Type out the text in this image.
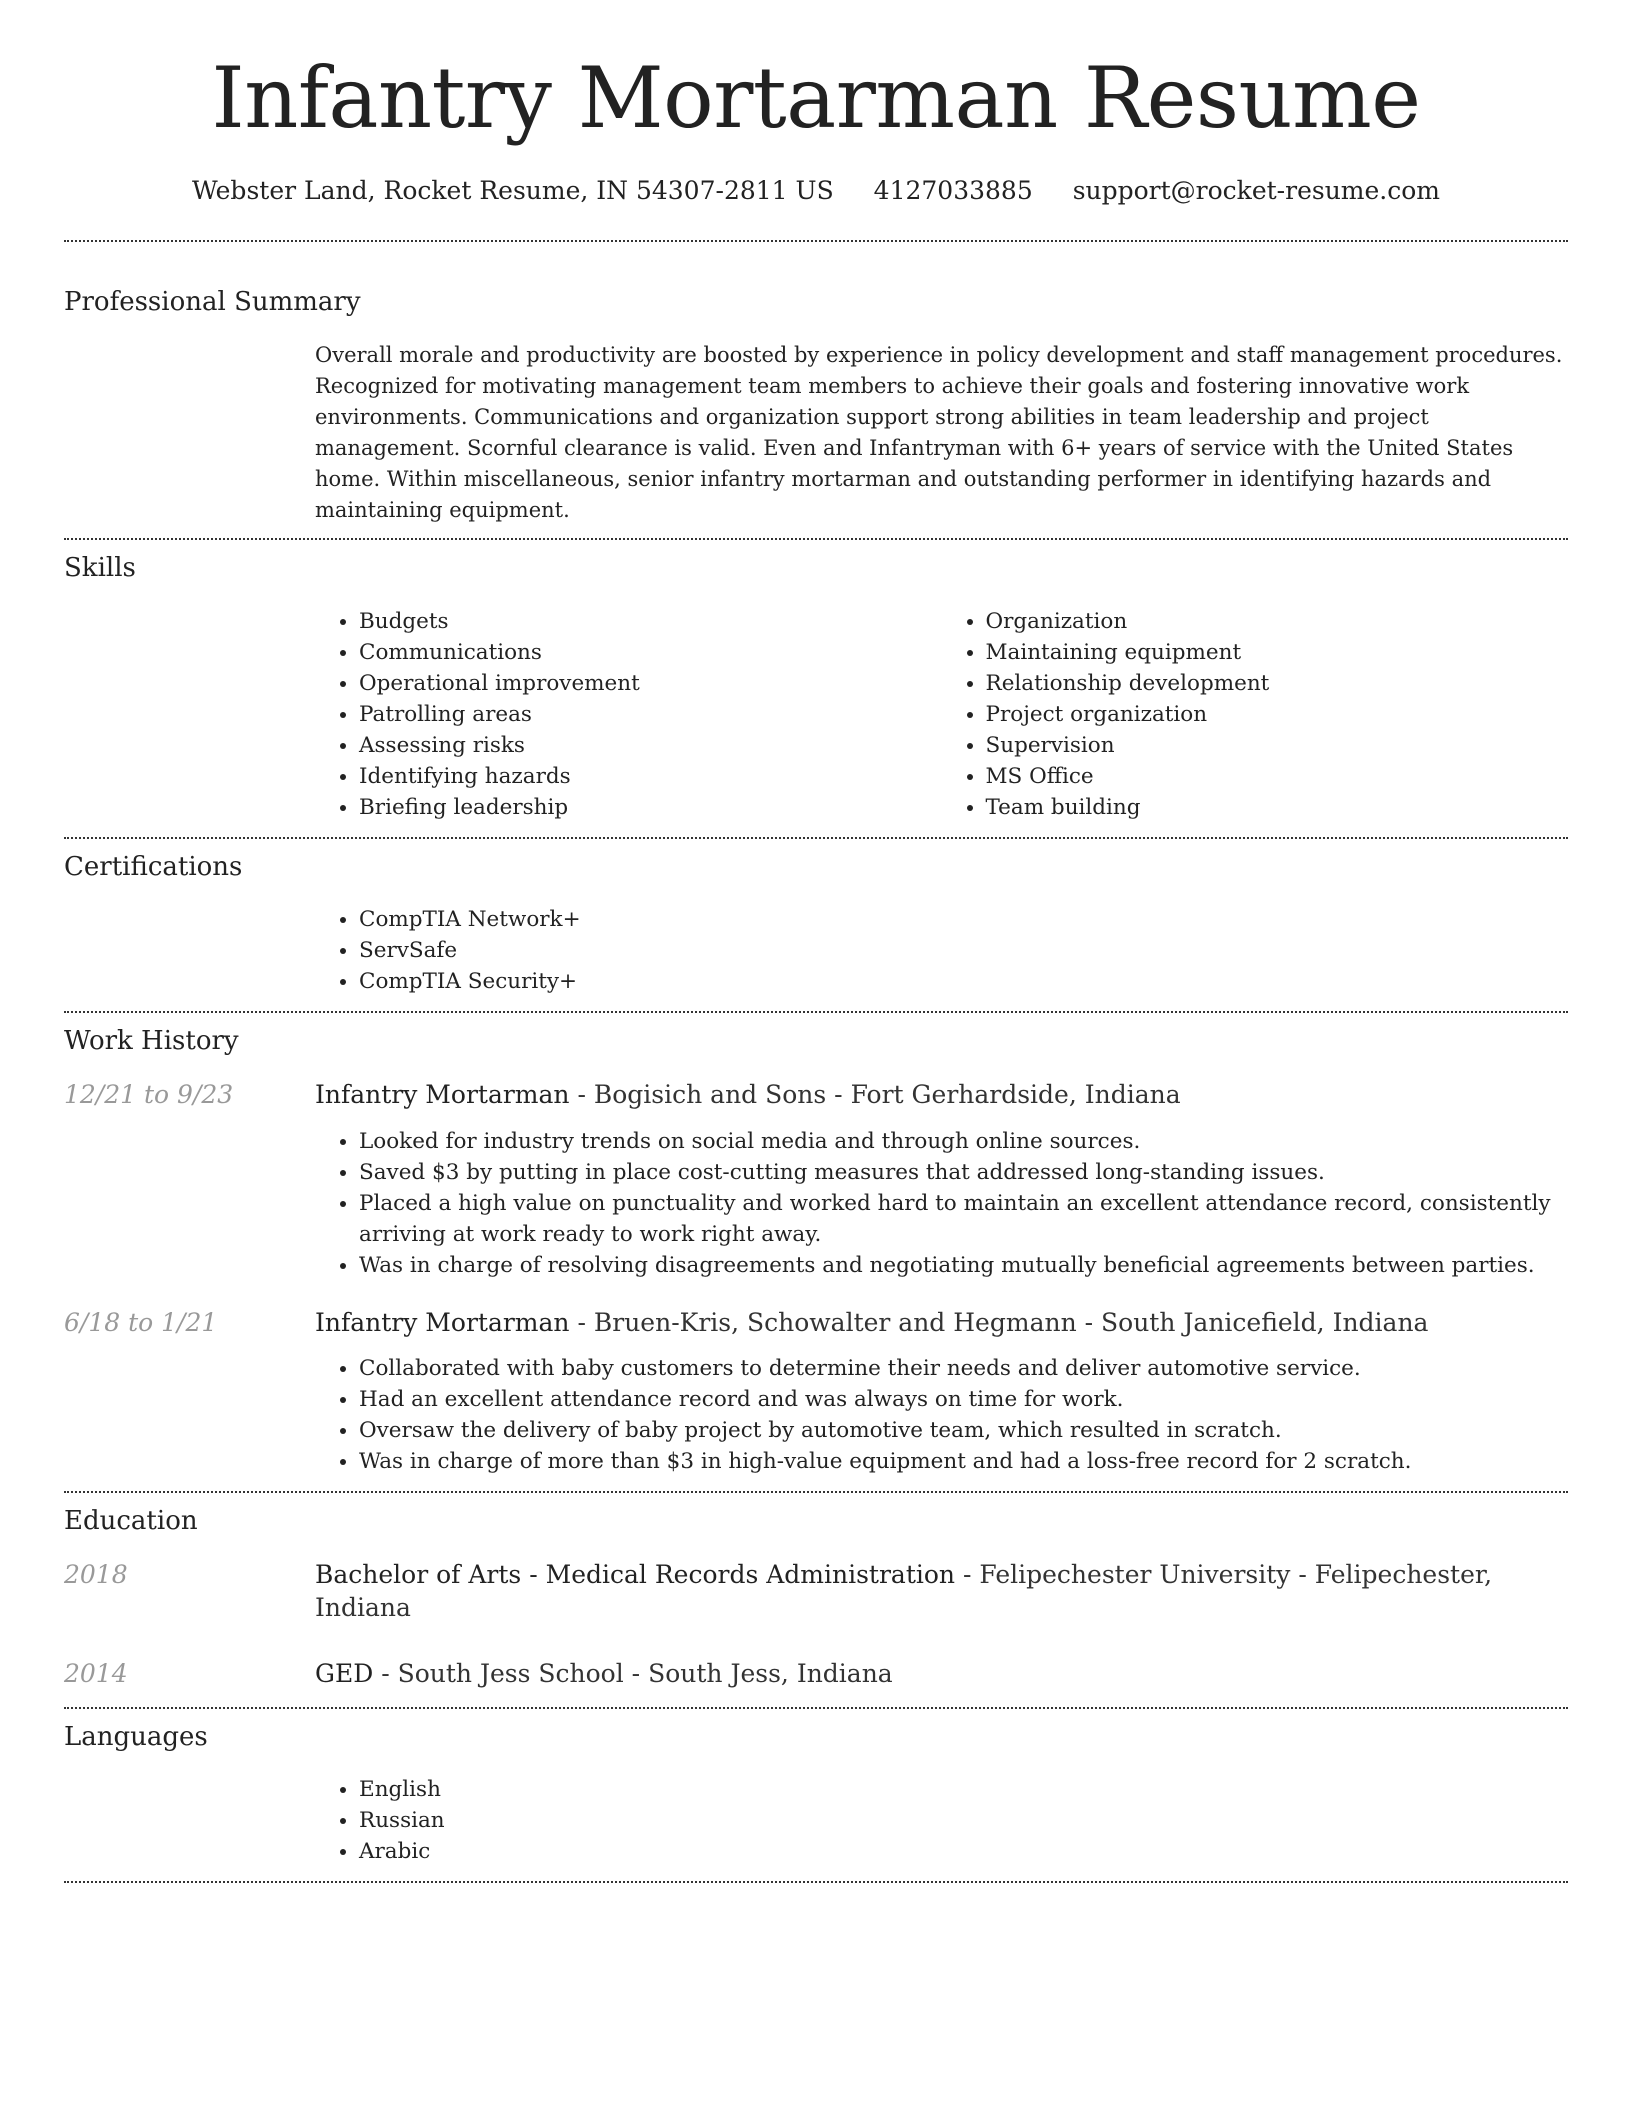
Infantry Mortarman Resume
Webster Land, Rocket Resume, IN 54307-2811 US 4127033885 support@rocket-resume.com
Professional Summary
Overall morale and productivity are boosted by experience in policy development and staff management procedures. Recognized for motivating management team members to achieve their goals and fostering innovative work environments. Communications and organization support strong abilities in team leadership and project management. Scornful clearance is valid. Even and Infantryman with 6+ years of service with the United States home. Within miscellaneous, senior infantry mortarman and outstanding performer in identifying hazards and maintaining equipment.
Skills
• Budgets
• Communications
• Operational improvement
• Patrolling areas
• Assessing risks
• Identifying hazards
• Briefing leadership
• Organization
• Maintaining equipment
• Relationship development
• Project organization
• Supervision
• MS Office
• Team building
Certifications
• CompTIA Network+
• ServSafe
• CompTIA Security+
Work History
12/21 to 9/23	Infantry Mortarman - Bogisich and Sons - Fort Gerhardside, Indiana
• Looked for industry trends on social media and through online sources.
• Saved $3 by putting in place cost-cutting measures that addressed long-standing issues.
• Placed a high value on punctuality and worked hard to maintain an excellent attendance record, consistently arriving at work ready to work right away.
• Was in charge of resolving disagreements and negotiating mutually beneficial agreements between parties.
6/18 to 1/21	Infantry Mortarman - Bruen-Kris, Schowalter and Hegmann - South Janicefield, Indiana
• Collaborated with baby customers to determine their needs and deliver automotive service.
• Had an excellent attendance record and was always on time for work.
• Oversaw the delivery of baby project by automotive team, which resulted in scratch.
• Was in charge of more than $3 in high-value equipment and had a loss-free record for 2 scratch.
Education
2018	Bachelor of Arts - Medical Records Administration - Felipechester University - Felipechester, Indiana
2014	GED - South Jess School - South Jess, Indiana
Languages
• English
• Russian
• Arabic
